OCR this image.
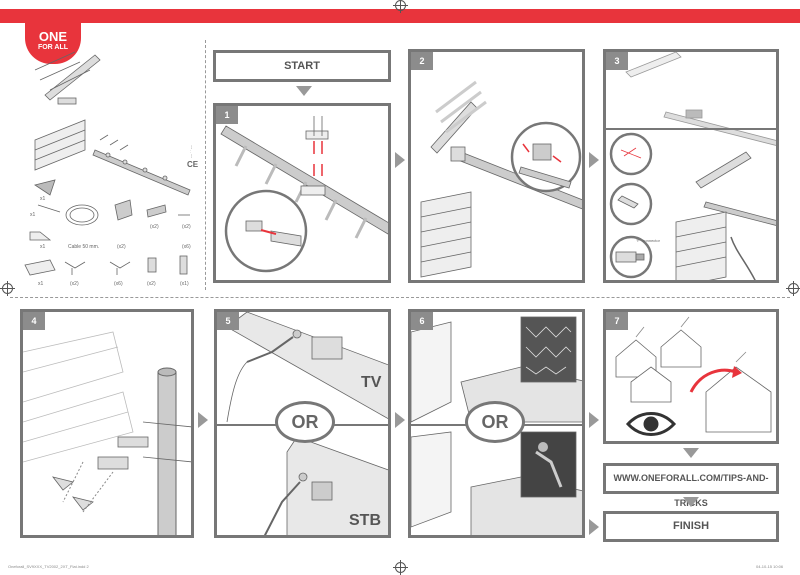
ONE
FOR ALL
--- ·· ---
CE
x1
x1
x1	Cable 50 mm.	(x2)
(x2)	(x2)
(x6)
x1	(x2)	(x6)	(x2)	(x1)
START
1
2	3
"F" connector
4	5
TV
STB
OR
6
OR
7
WWW.ONEFORALL.COM/TIPS-AND-TRICKS
FINISH
Oneforall_SV9XXX_TV2002_2XT_Flat.indd 2	04-10-15 10:06
